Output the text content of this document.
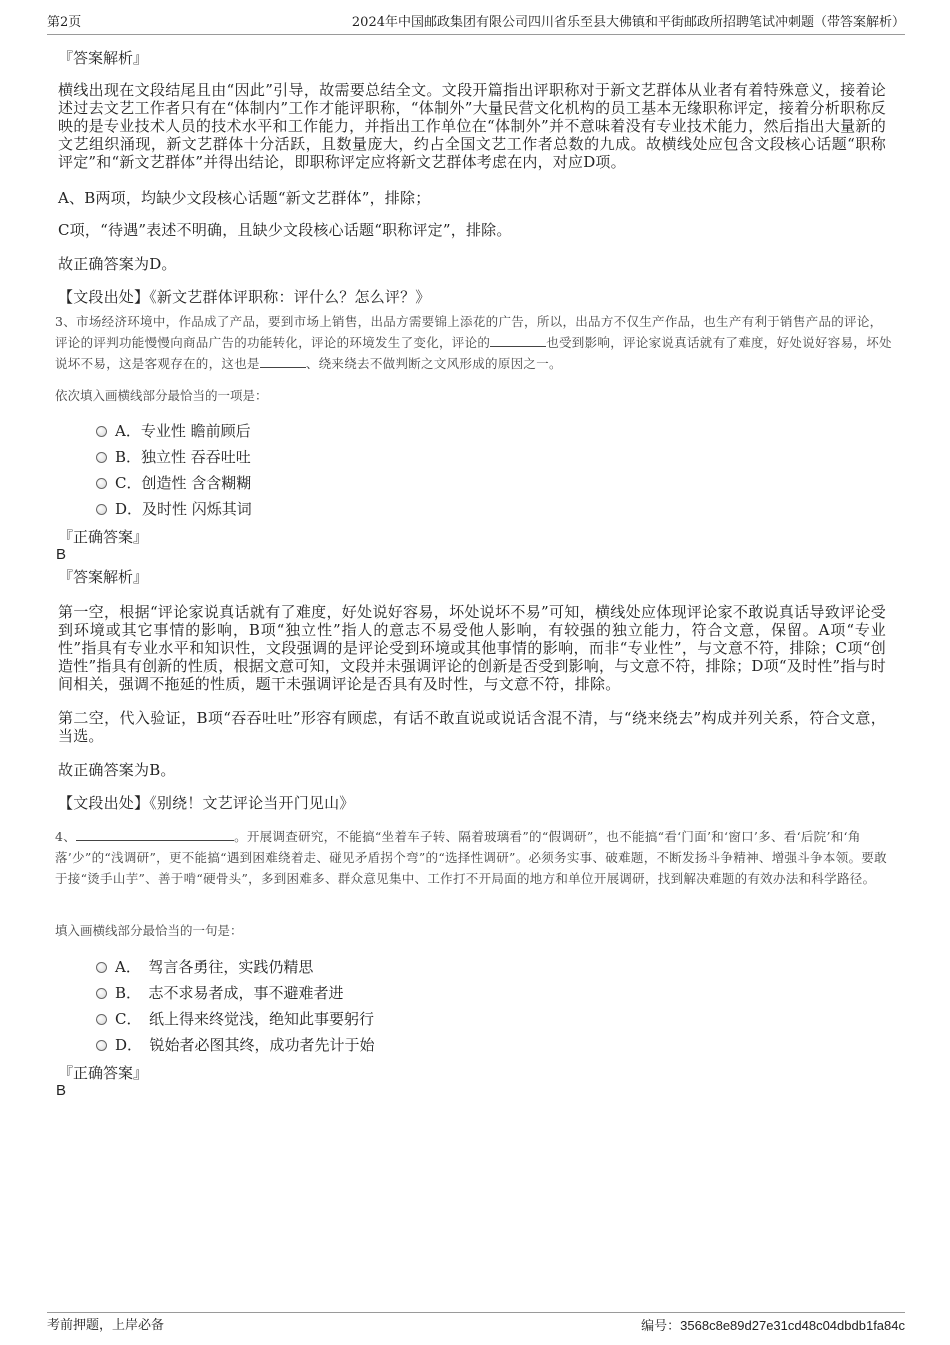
第2页	2024年中国邮政集团有限公司四川省乐至县大佛镇和平街邮政所招聘笔试冲刺题（带答案解析）
『答案解析』
横线出现在文段结尾且由“因此”引导，故需要总结全文。文段开篇指出评职称对于新文艺群体从业者有着特殊意义，接着论述过去文艺工作者只有在“体制内”工作才能评职称，“体制外”大量民营文化机构的员工基本无缘职称评定，接着分析职称反映的是专业技术人员的技术水平和工作能力，并指出工作单位在“体制外”并不意味着没有专业技术能力，然后指出大量新的文艺组织涌现，新文艺群体十分活跃，且数量庞大，约占全国文艺工作者总数的九成。故横线处应包含文段核心话题“职称评定”和“新文艺群体”并得出结论，即职称评定应将新文艺群体考虑在内，对应D项。
A、B两项，均缺少文段核心话题“新文艺群体”，排除；
C项，“待遇”表述不明确，且缺少文段核心话题“职称评定”，排除。
故正确答案为D。
【文段出处】《新文艺群体评职称：评什么？怎么评？》
3、市场经济环境中，作品成了产品，要到市场上销售，出品方需要锦上添花的广告，所以，出品方不仅生产作品，也生产有利于销售产品的评论，评论的评判功能慢慢向商品广告的功能转化，评论的环境发生了变化，评论的	也受到影响，评论家说真话就有了难度，好处说好容易，坏处说坏不易，这是客观存在的，这也是	、绕来绕去不做判断之文风形成的原因之一。
依次填入画横线部分最恰当的一项是：
A．专业性 瞻前顾后
B．独立性 吞吞吐吐
C．创造性 含含糊糊
D．及时性 闪烁其词
『正确答案』
B
『答案解析』
第一空，根据“评论家说真话就有了难度，好处说好容易，坏处说坏不易”可知，横线处应体现评论家不敢说真话导致评论受到环境或其它事情的影响，B项“独立性”指人的意志不易受他人影响，有较强的独立能力，符合文意，保留。A项“专业性”指具有专业水平和知识性，文段强调的是评论受到环境或其他事情的影响，而非“专业性”，与文意不符，排除；C项“创造性”指具有创新的性质，根据文意可知，文段并未强调评论的创新是否受到影响，与文意不符，排除；D项“及时性”指与时间相关，强调不拖延的性质，题干未强调评论是否具有及时性，与文意不符，排除。
第二空，代入验证，B项“吞吞吐吐”形容有顾虑，有话不敢直说或说话含混不清，与“绕来绕去”构成并列关系，符合文意，当选。
故正确答案为B。
【文段出处】《别绕！文艺评论当开门见山》
4、	。开展调查研究，不能搞“坐着车子转、隔着玻璃看”的“假调研”，也不能搞“看‘门面’和‘窗口’多、看‘后院’和‘角落’少”的“浅调研”，更不能搞“遇到困难绕着走、碰见矛盾拐个弯”的“选择性调研”。必须务实事、破难题，不断发扬斗争精神、增强斗争本领。要敢于接“烫手山芋”、善于啃“硬骨头”，多到困难多、群众意见集中、工作打不开局面的地方和单位开展调研，找到解决难题的有效办法和科学路径。
填入画横线部分最恰当的一句是：
A．　驾言各勇往，实践仍精思
B．　志不求易者成，事不避难者进
C．　纸上得来终觉浅，绝知此事要躬行
D．　锐始者必图其终，成功者先计于始
『正确答案』
B
考前押题，上岸必备	编号：3568c8e89d27e31cd48c04dbdb1fa84c
